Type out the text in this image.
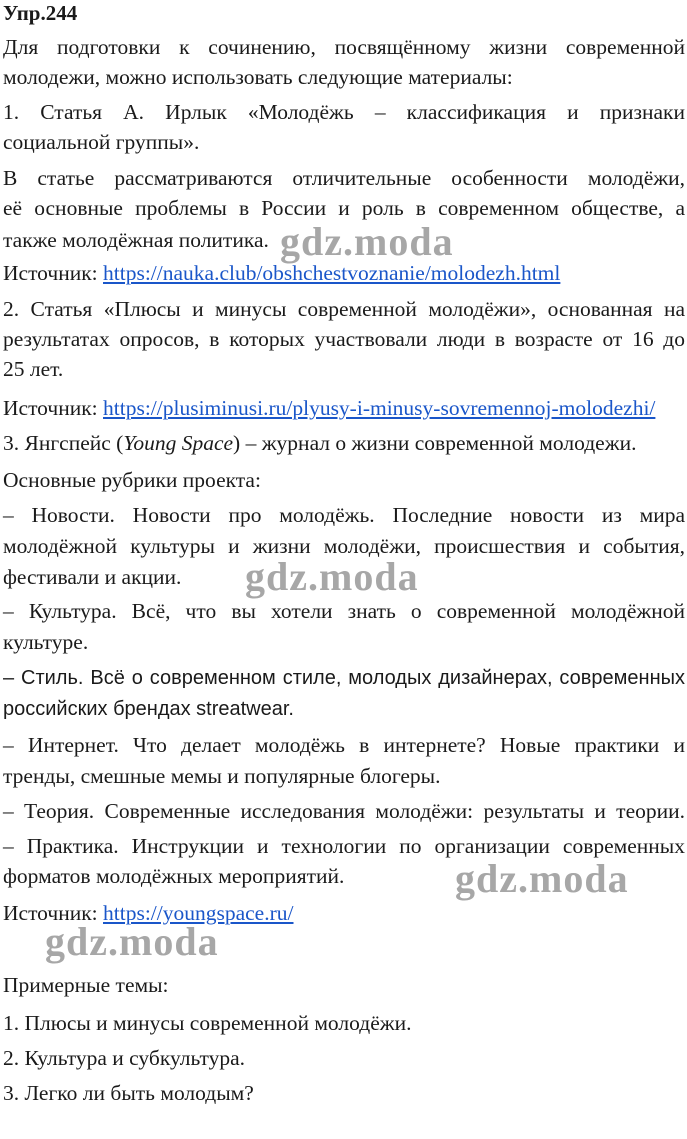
Упр.244
Для подготовки к сочинению, посвящённому жизни современной
молодежи, можно использовать следующие материалы:
1. Статья А. Ирлык «Молодёжь – классификация и признаки
социальной группы».
В статье рассматриваются отличительные особенности молодёжи,
её основные проблемы в России и роль в современном обществе, а
также молодёжная политика.
Источник: https://nauka.club/obshchestvoznanie/molodezh.html
2. Статья «Плюсы и минусы современной молодёжи», основанная на
результатах опросов, в которых участвовали люди в возрасте от 16 до
25 лет.
Источник: https://plusiminusi.ru/plyusy-i-minusy-sovremennoj-molodezhi/
3. Янгспейс (Young Space) – журнал о жизни современной молодежи.
Основные рубрики проекта:
– Новости. Новости про молодёжь. Последние новости из мира
молодёжной культуры и жизни молодёжи, происшествия и события,
фестивали и акции.
– Культура. Всё, что вы хотели знать о современной молодёжной
культуре.
– Стиль. Всё о современном стиле, молодых дизайнерах, современных
российских брендах streatwear.
– Интернет. Что делает молодёжь в интернете? Новые практики и
тренды, смешные мемы и популярные блогеры.
– Теория. Современные исследования молодёжи: результаты и теории.
– Практика. Инструкции и технологии по организации современных
форматов молодёжных мероприятий.
Источник: https://youngspace.ru/
Примерные темы:
1. Плюсы и минусы современной молодёжи.
2. Культура и субкультура.
3. Легко ли быть молодым?
gdz.moda
gdz.moda
gdz.moda
gdz.moda
